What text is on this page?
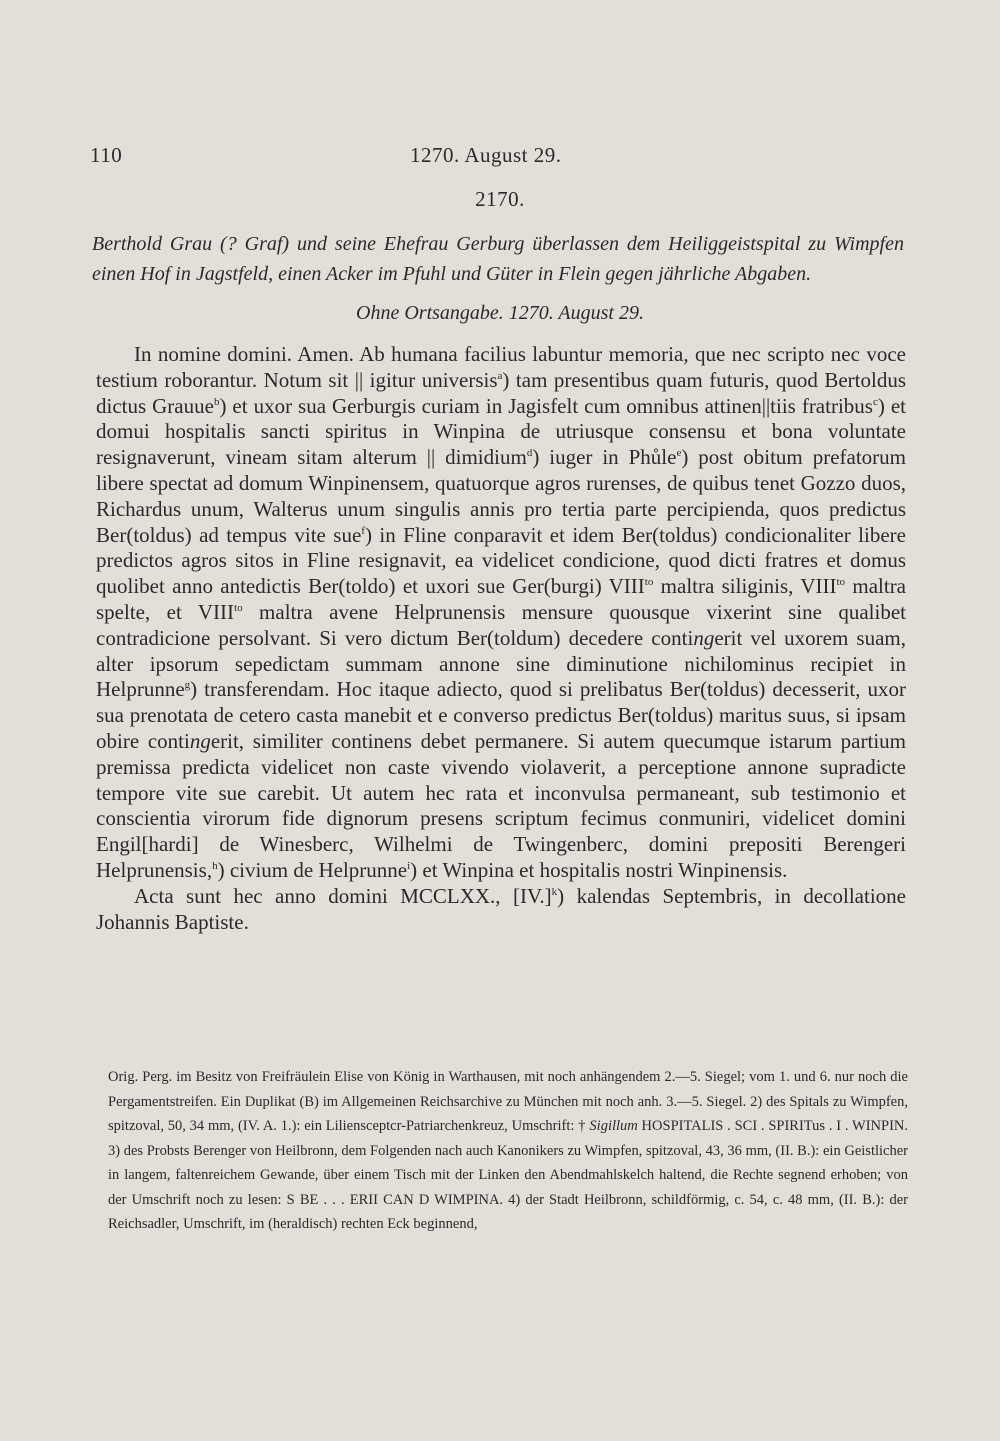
110	1270. August 29.
2170.
Berthold Grau (? Graf) und seine Ehefrau Gerburg überlassen dem Heiliggeistspital zu Wimpfen einen Hof in Jagstfeld, einen Acker im Pfuhl und Güter in Flein gegen jährliche Abgaben.
Ohne Ortsangabe. 1270. August 29.

In nomine domini. Amen. Ab humana facilius labuntur memoria, que nec scripto nec voce testium roborantur. Notum sit || igitur universis$^a$) tam presentibus quam futuris, quod Bertoldus dictus Grauue$^b$) et uxor sua Gerburgis curiam in Jagisfelt cum omnibus attinen||tiis fratribus$^c$) et domui hospitalis sancti spiritus in Winpina de utriusque consensu et bona voluntate resignaverunt, vineam sitam alterum || dimidium$^d$) iuger in Phůle$^e$) post obitum prefatorum libere spectat ad domum Winpinensem, quatuorque agros rurenses, de quibus tenet Gozzo duos, Richardus unum, Walterus unum singulis annis pro tertia parte percipienda, quos predictus Ber(toldus) ad tempus vite sue$^f$) in Fline conparavit et idem Ber(toldus) condicionaliter libere predictos agros sitos in Fline resignavit, ea videlicet condicione, quod dicti fratres et domus quolibet anno antedictis Ber(toldo) et uxori sue Ger(burgi) $VIII^{to}$ maltra siliginis, $VIII^{to}$ maltra spelte, et $VIII^{to}$ maltra avene Helprunensis mensure quousque vixerint sine qualibet contradicione persolvant. Si vero dictum Ber(toldum) decedere contingerit vel uxorem suam, alter ipsorum sepedictam summam annone sine diminutione nichilominus recipiet in Helprunne$^g$) transferendam. Hoc itaque adiecto, quod si prelibatus Ber(toldus) decesserit, uxor sua prenotata de cetero casta manebit et e converso predictus Ber(toldus) maritus suus, si ipsam obire contingerit, similiter continens debet permanere. Si autem quecumque istarum partium premissa predicta videlicet non caste vivendo violaverit, a perceptione annone supradicte tempore vite sue carebit. Ut autem hec rata et inconvulsa permaneant, sub testimonio et conscientia virorum fide dignorum presens scriptum fecimus conmuniri, videlicet domini Engil[hardi] de Winesberc, Wilhelmi de Twingenberc, domini prepositi Berengeri Helprunensis,$^h$) civium de Helprunne$^i$) et Winpina et hospitalis nostri Winpinensis.

Acta sunt hec anno domini MCCLXX., $[IV.]^k$) kalendas Septembris, in decollatione Johannis Baptiste.

Orig. Perg. im Besitz von Freifräulein Elise von König in Warthausen, mit noch anhängendem 2.—5. Siegel; vom 1. und 6. nur noch die Pergamentstreifen. Ein Duplikat (B) im Allgemeinen Reichsarchive zu München mit noch anh. 3.—5. Siegel. 2) des Spitals zu Wimpfen, spitzoval, 50, 34 mm, (IV. A. 1.): ein Liliensceptcr-Patriarchenkreuz, Umschrift: † Sigillum HOSPITALIS . SCI . SPIRITus . I . WINPIN. 3) des Probsts Berenger von Heilbronn, dem Folgenden nach auch Kanonikers zu Wimpfen, spitzoval, 43, 36 mm, (II. B.): ein Geistlicher in langem, faltenreichem Gewande, über einem Tisch mit der Linken den Abendmahlskelch haltend, die Rechte segnend erhoben; von der Umschrift noch zu lesen: S BE . . . ERII CAN D WIMPINA. 4) der Stadt Heilbronn, schildförmig, c. 54, c. 48 mm, (II. B.): der Reichsadler, Umschrift, im (heraldisch) rechten Eck beginnend,
